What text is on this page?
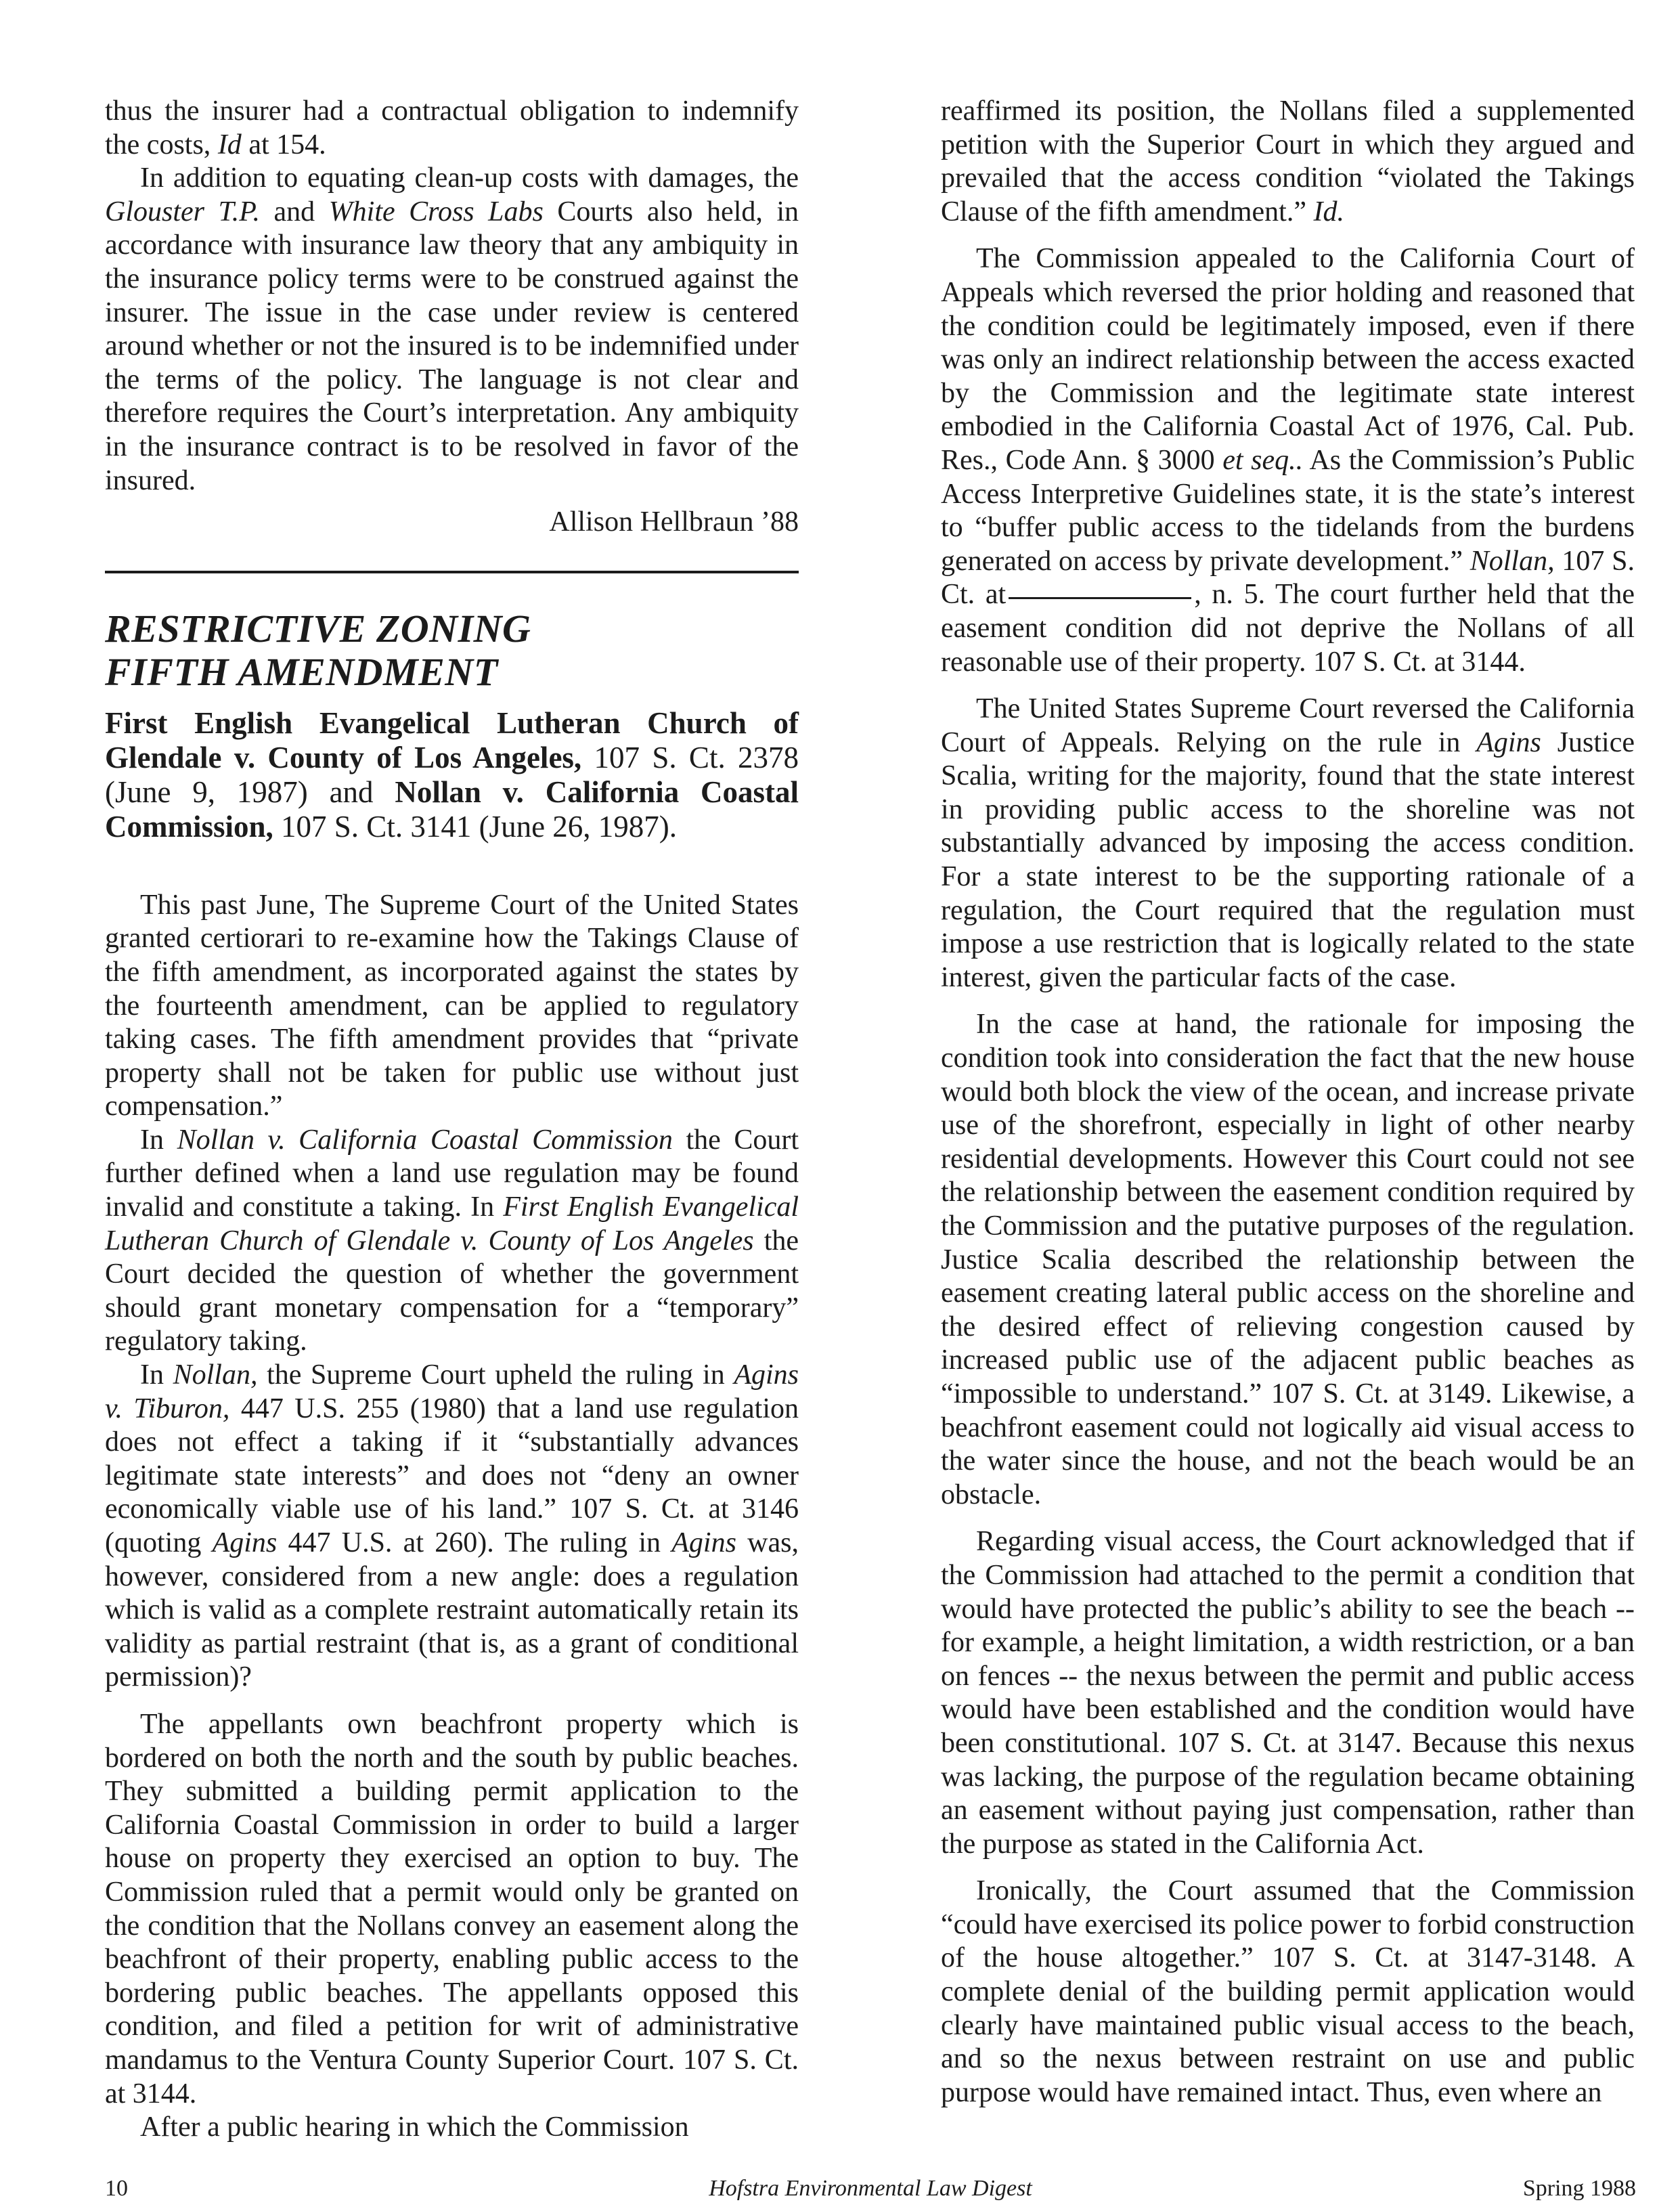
thus the insurer had a contractual obligation to indemnify the costs, Id at 154.

In addition to equating clean-up costs with damages, the Glouster T.P. and White Cross Labs Courts also held, in accordance with insurance law theory that any ambiquity in the insurance policy terms were to be construed against the insurer. The issue in the case under review is centered around whether or not the insured is to be indemnified under the terms of the policy. The language is not clear and therefore requires the Court’s interpretation. Any ambiquity in the insurance contract is to be resolved in favor of the insured.

Allison Hellbraun ’88

RESTRICTIVE ZONING
FIFTH AMENDMENT

First English Evangelical Lutheran Church of Glendale v. County of Los Angeles, 107 S. Ct. 2378 (June 9, 1987) and Nollan v. California Coastal Commission, 107 S. Ct. 3141 (June 26, 1987).

This past June, The Supreme Court of the United States granted certiorari to re-examine how the Takings Clause of the fifth amendment, as incorporated against the states by the fourteenth amendment, can be applied to regulatory taking cases. The fifth amendment provides that “private property shall not be taken for public use without just compensation.”

In Nollan v. California Coastal Commission the Court further defined when a land use regulation may be found invalid and constitute a taking. In First English Evangelical Lutheran Church of Glendale v. County of Los Angeles the Court decided the question of whether the government should grant monetary compensation for a “temporary” regulatory taking.

In Nollan, the Supreme Court upheld the ruling in Agins v. Tiburon, 447 U.S. 255 (1980) that a land use regulation does not effect a taking if it “substantially advances legitimate state interests” and does not “deny an owner economically viable use of his land.” 107 S. Ct. at 3146 (quoting Agins 447 U.S. at 260). The ruling in Agins was, however, considered from a new angle: does a regulation which is valid as a complete restraint automatically retain its validity as partial restraint (that is, as a grant of conditional permission)?

The appellants own beachfront property which is bordered on both the north and the south by public beaches. They submitted a building permit application to the California Coastal Commission in order to build a larger house on property they exercised an option to buy. The Commission ruled that a permit would only be granted on the condition that the Nollans convey an easement along the beachfront of their property, enabling public access to the bordering public beaches. The appellants opposed this condition, and filed a petition for writ of administrative mandamus to the Ventura County Superior Court. 107 S. Ct. at 3144.

After a public hearing in which the Commission

reaffirmed its position, the Nollans filed a supplemented petition with the Superior Court in which they argued and prevailed that the access condition “violated the Takings Clause of the fifth amendment.” Id.

The Commission appealed to the California Court of Appeals which reversed the prior holding and reasoned that the condition could be legitimately imposed, even if there was only an indirect relationship between the access exacted by the Commission and the legitimate state interest embodied in the California Coastal Act of 1976, Cal. Pub. Res., Code Ann. § 3000 et seq.. As the Commission’s Public Access Interpretive Guidelines state, it is the state’s interest to “buffer public access to the tidelands from the burdens generated on access by private development.” Nollan, 107 S. Ct. at	, n. 5. The court further held that the easement condition did not deprive the Nollans of all reasonable use of their property. 107 S. Ct. at 3144.

The United States Supreme Court reversed the California Court of Appeals. Relying on the rule in Agins Justice Scalia, writing for the majority, found that the state interest in providing public access to the shoreline was not substantially advanced by imposing the access condition. For a state interest to be the supporting rationale of a regulation, the Court required that the regulation must impose a use restriction that is logically related to the state interest, given the particular facts of the case.

In the case at hand, the rationale for imposing the condition took into consideration the fact that the new house would both block the view of the ocean, and increase private use of the shorefront, especially in light of other nearby residential developments. However this Court could not see the relationship between the easement condition required by the Commission and the putative purposes of the regulation. Justice Scalia described the relationship between the easement creating lateral public access on the shoreline and the desired effect of relieving congestion caused by increased public use of the adjacent public beaches as “impossible to understand.” 107 S. Ct. at 3149. Likewise, a beachfront easement could not logically aid visual access to the water since the house, and not the beach would be an obstacle.

Regarding visual access, the Court acknowledged that if the Commission had attached to the permit a condition that would have protected the public’s ability to see the beach -- for example, a height limitation, a width restriction, or a ban on fences -- the nexus between the permit and public access would have been established and the condition would have been constitutional. 107 S. Ct. at 3147. Because this nexus was lacking, the purpose of the regulation became obtaining an easement without paying just compensation, rather than the purpose as stated in the California Act.

Ironically, the Court assumed that the Commission “could have exercised its police power to forbid construction of the house altogether.” 107 S. Ct. at 3147-3148. A complete denial of the building permit application would clearly have maintained public visual access to the beach, and so the nexus between restraint on use and public purpose would have remained intact. Thus, even where an

10	Hofstra Environmental Law Digest	Spring 1988
